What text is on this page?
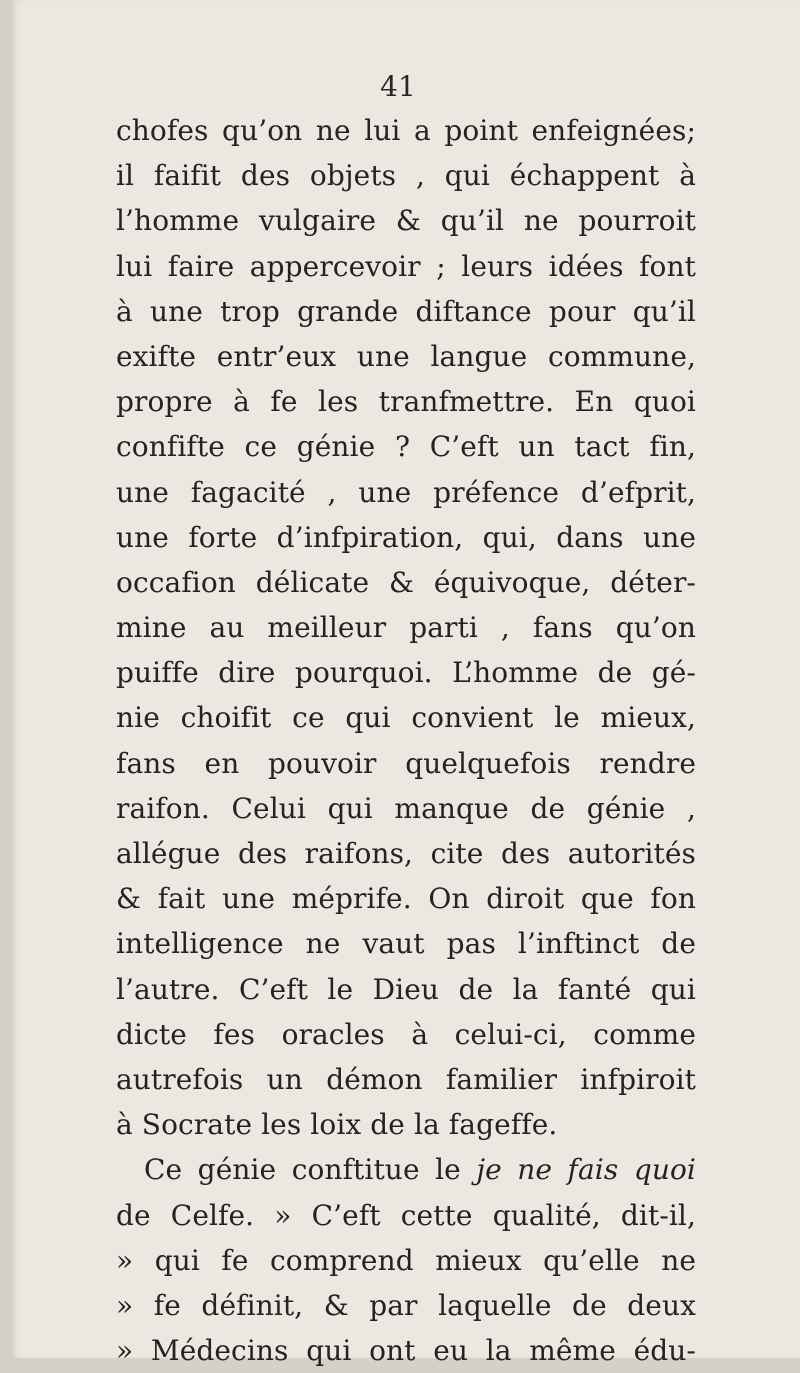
41
chofes qu’on ne lui a point enfeignées;
il faifit des objets , qui échappent à
l’homme vulgaire & qu’il ne pourroit
lui faire appercevoir ; leurs idées font
à une trop grande diftance pour qu’il
exifte entr’eux une langue commune,
propre à fe les tranfmettre. En quoi
confifte ce génie ? C’eft un tact fin,
une fagacité , une préfence d’efprit,
une forte d’infpiration, qui, dans une
occafion délicate & équivoque, déter-
mine au meilleur parti , fans qu’on
puiffe dire pourquoi. L’homme de gé-
nie choifit ce qui convient le mieux,
fans en pouvoir quelquefois rendre
raifon. Celui qui manque de génie ,
allégue des raifons, cite des autorités
& fait une méprife. On diroit que fon
intelligence ne vaut pas l’inftinct de
l’autre. C’eft le Dieu de la fanté qui
dicte fes oracles à celui-ci, comme
autrefois un démon familier infpiroit
à Socrate les loix de la fageffe.
Ce génie conftitue le je ne fais quoi
de Celfe. » C’eft cette qualité, dit-il,
» qui fe comprend mieux qu’elle ne
» fe définit, & par laquelle de deux
» Médecins qui ont eu la même édu-
